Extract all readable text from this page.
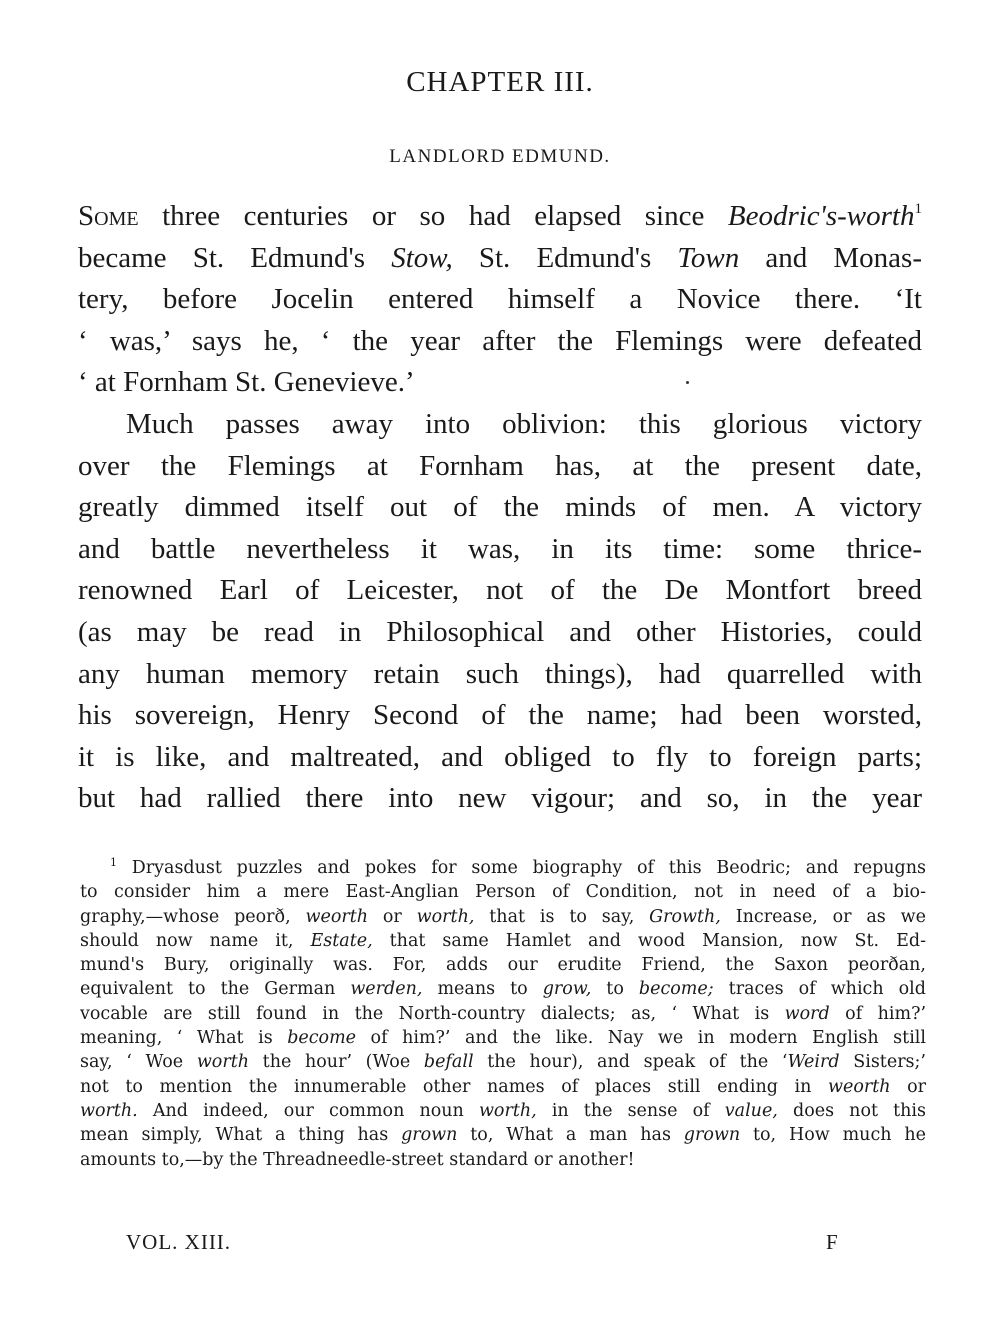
CHAPTER III.
LANDLORD EDMUND.
Some three centuries or so had elapsed since Beodric's-worth$^1$
became St. Edmund's Stow, St. Edmund's Town and Monas-
tery, before Jocelin entered himself a Novice there. ‘It
‘ was,’ says he, ‘ the year after the Flemings were defeated
‘ at Fornham St. Genevieve.’
Much passes away into oblivion: this glorious victory
over the Flemings at Fornham has, at the present date,
greatly dimmed itself out of the minds of men. A victory
and battle nevertheless it was, in its time: some thrice-
renowned Earl of Leicester, not of the De Montfort breed
(as may be read in Philosophical and other Histories, could
any human memory retain such things), had quarrelled with
his sovereign, Henry Second of the name; had been worsted,
it is like, and maltreated, and obliged to fly to foreign parts;
but had rallied there into new vigour; and so, in the year
$^1$ Dryasdust puzzles and pokes for some biography of this Beodric; and repugns
to consider him a mere East-Anglian Person of Condition, not in need of a bio-
graphy,—whose peorð, weorth or worth, that is to say, Growth, Increase, or as we
should now name it, Estate, that same Hamlet and wood Mansion, now St. Ed-
mund's Bury, originally was. For, adds our erudite Friend, the Saxon peorðan,
equivalent to the German werden, means to grow, to become; traces of which old
vocable are still found in the North-country dialects; as, ‘ What is word of him?’
meaning, ‘ What is become of him?’ and the like. Nay we in modern English still
say, ‘ Woe worth the hour’ (Woe befall the hour), and speak of the ‘Weird Sisters;’
not to mention the innumerable other names of places still ending in weorth or
worth. And indeed, our common noun worth, in the sense of value, does not this
mean simply, What a thing has grown to, What a man has grown to, How much he
amounts to,—by the Threadneedle-street standard or another!
VOL. XIII.	F
